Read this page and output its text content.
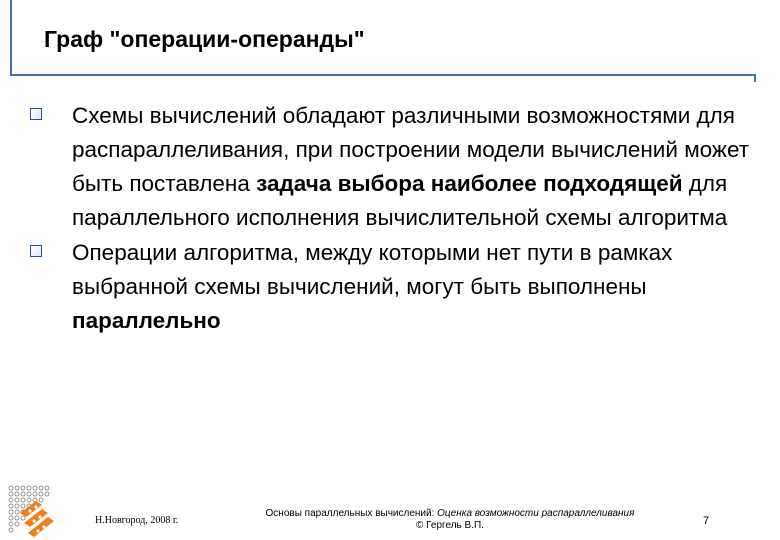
Граф "операции-операнды"
Схемы вычислений обладают различными возможностями для распараллеливания, при построении модели вычислений может быть поставлена задача выбора наиболее подходящей для параллельного исполнения вычислительной схемы алгоритма
Операции алгоритма, между которыми нет пути в рамках выбранной схемы вычислений, могут быть выполнены параллельно
Н.Новгород, 2008 г.
Основы параллельных вычислений: Оценка возможности распараллеливания
© Гергель В.П.	7
